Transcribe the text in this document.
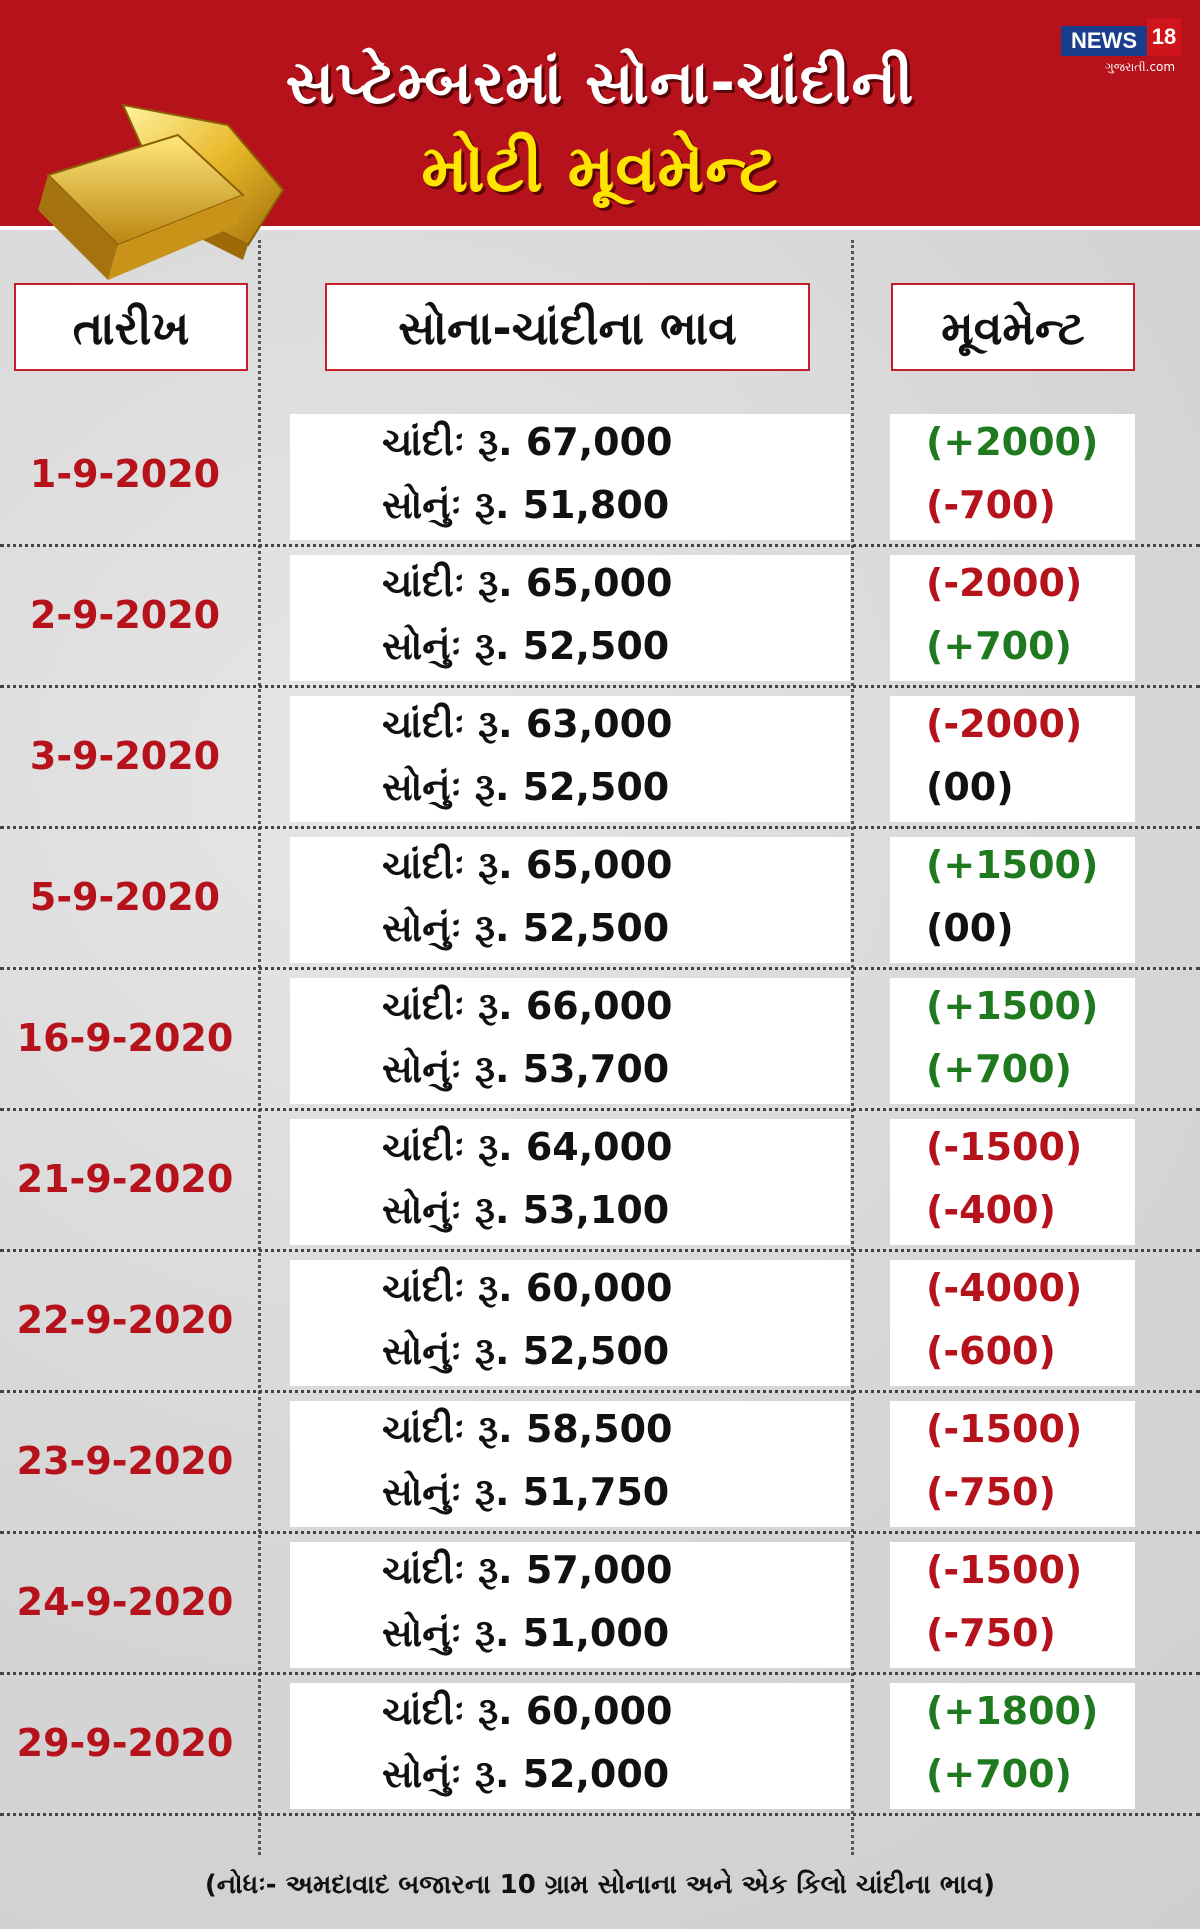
સપ્ટેમ્બરમાં સોના-ચાંદીની
મોટી મૂવમેન્ટ
NEWS 18
ગુજરાતી.com
તારીખ	સોના-ચાંદીના ભાવ	મૂવમેન્ટ
1-9-2020
ચાંદીઃ રૂ. 67,000
સોનુંઃ રૂ. 51,800
(+2000)
(-700)
2-9-2020
ચાંદીઃ રૂ. 65,000
સોનુંઃ રૂ. 52,500
(-2000)
(+700)
3-9-2020
ચાંદીઃ રૂ. 63,000
સોનુંઃ રૂ. 52,500
(-2000)
(00)
5-9-2020
ચાંદીઃ રૂ. 65,000
સોનુંઃ રૂ. 52,500
(+1500)
(00)
16-9-2020
ચાંદીઃ રૂ. 66,000
સોનુંઃ રૂ. 53,700
(+1500)
(+700)
21-9-2020
ચાંદીઃ રૂ. 64,000
સોનુંઃ રૂ. 53,100
(-1500)
(-400)
22-9-2020
ચાંદીઃ રૂ. 60,000
સોનુંઃ રૂ. 52,500
(-4000)
(-600)
23-9-2020
ચાંદીઃ રૂ. 58,500
સોનુંઃ રૂ. 51,750
(-1500)
(-750)
24-9-2020
ચાંદીઃ રૂ. 57,000
સોનુંઃ રૂ. 51,000
(-1500)
(-750)
29-9-2020
ચાંદીઃ રૂ. 60,000
સોનુંઃ રૂ. 52,000
(+1800)
(+700)
(નોધઃ- અમદાવાદ બજારના 10 ગ્રામ સોનાના અને એક કિલો ચાંદીના ભાવ)
